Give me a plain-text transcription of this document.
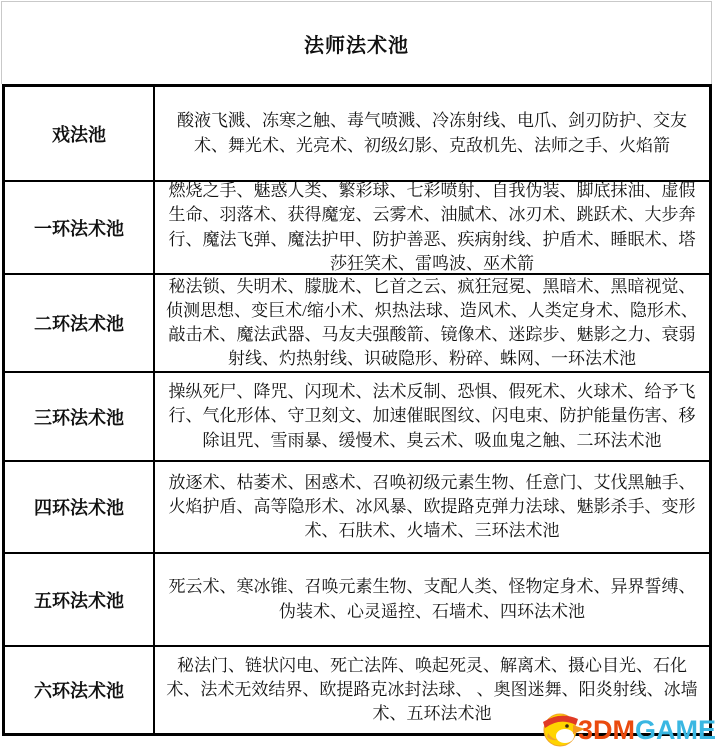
法师法术池
戏法池
酸液飞溅、冻寒之触、毒气喷溅、冷冻射线、电爪、剑刃防护、交友术、舞光术、光亮术、初级幻影、克敌机先、法师之手、火焰箭
一环法术池
燃烧之手、魅惑人类、繁彩球、七彩喷射、自我伪装、脚底抹油、虚假生命、羽落术、获得魔宠、云雾术、油腻术、冰刃术、跳跃术、大步奔行、魔法飞弹、魔法护甲、防护善恶、疾病射线、护盾术、睡眠术、塔莎狂笑术、雷鸣波、巫术箭
二环法术池
秘法锁、失明术、朦胧术、匕首之云、疯狂冠冕、黑暗术、黑暗视觉、侦测思想、变巨术/缩小术、炽热法球、造风术、人类定身术、隐形术、敲击术、魔法武器、马友夫强酸箭、镜像术、迷踪步、魅影之力、衰弱射线、灼热射线、识破隐形、粉碎、蛛网、一环法术池
三环法术池
操纵死尸、降咒、闪现术、法术反制、恐惧、假死术、火球术、给予飞行、气化形体、守卫刻文、加速催眠图纹、闪电束、防护能量伤害、移除诅咒、雪雨暴、缓慢术、臭云术、吸血鬼之触、二环法术池
四环法术池
放逐术、枯萎术、困惑术、召唤初级元素生物、任意门、艾伐黑触手、火焰护盾、高等隐形术、冰风暴、欧提路克弹力法球、魅影杀手、变形术、石肤术、火墙术、三环法术池
五环法术池
死云术、寒冰锥、召唤元素生物、支配人类、怪物定身术、异界誓缚、伪装术、心灵遥控、石墙术、四环法术池
六环法术池
秘法门、链状闪电、死亡法阵、唤起死灵、解离术、摄心目光、石化术、法术无效结界、欧提路克冰封法球、 、奥图迷舞、阳炎射线、冰墙术、五环法术池
3DM GAME
